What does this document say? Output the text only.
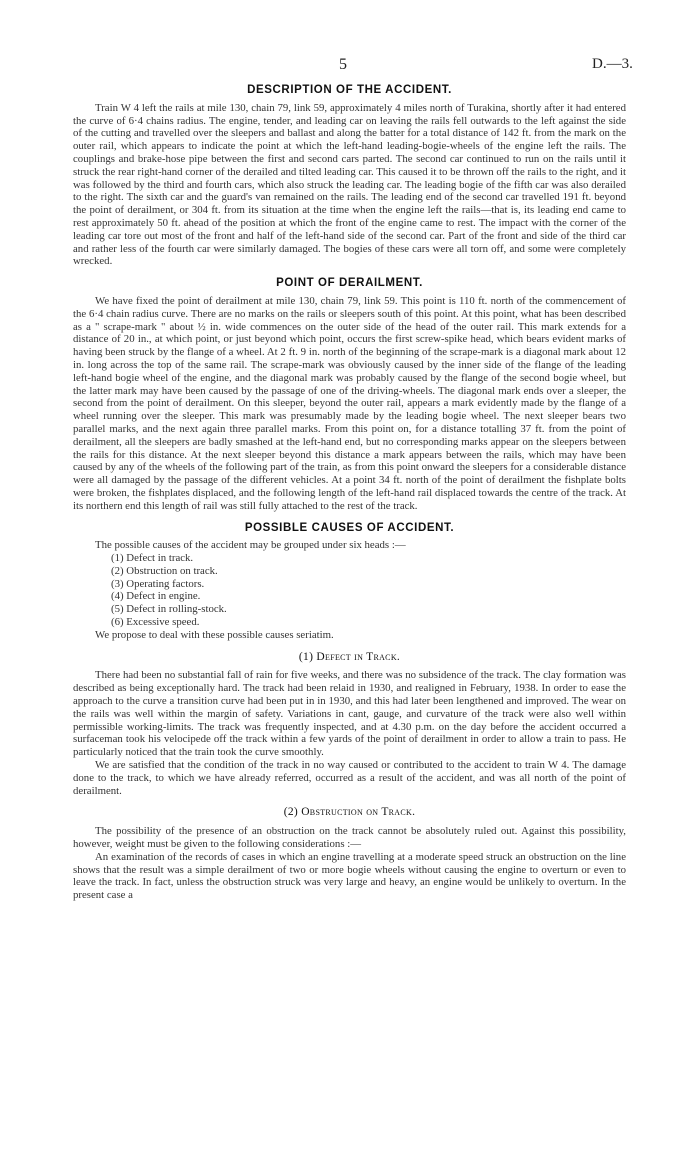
5	D.—3.
DESCRIPTION OF THE ACCIDENT.

Train W 4 left the rails at mile 130, chain 79, link 59, approximately 4 miles north of Turakina, shortly after it had entered the curve of 6·4 chains radius. The engine, tender, and leading car on leaving the rails fell outwards to the left against the side of the cutting and travelled over the sleepers and ballast and along the batter for a total distance of 142 ft. from the mark on the outer rail, which appears to indicate the point at which the left-hand leading-bogie-wheels of the engine left the rails. The couplings and brake-hose pipe between the first and second cars parted. The second car continued to run on the rails until it struck the rear right-hand corner of the derailed and tilted leading car. This caused it to be thrown off the rails to the right, and it was followed by the third and fourth cars, which also struck the leading car. The leading bogie of the fifth car was also derailed to the right. The sixth car and the guard's van remained on the rails. The leading end of the second car travelled 191 ft. beyond the point of derailment, or 304 ft. from its situation at the time when the engine left the rails—that is, its leading end came to rest approximately 50 ft. ahead of the position at which the front of the engine came to rest. The impact with the corner of the leading car tore out most of the front and half of the left-hand side of the second car. Part of the front and side of the third car and rather less of the fourth car were similarly damaged. The bogies of these cars were all torn off, and some were completely wrecked.

POINT OF DERAILMENT.

We have fixed the point of derailment at mile 130, chain 79, link 59. This point is 110 ft. north of the commencement of the 6·4 chain radius curve. There are no marks on the rails or sleepers south of this point. At this point, what has been described as a " scrape-mark " about ½ in. wide commences on the outer side of the head of the outer rail. This mark extends for a distance of 20 in., at which point, or just beyond which point, occurs the first screw-spike head, which bears evident marks of having been struck by the flange of a wheel. At 2 ft. 9 in. north of the beginning of the scrape-mark is a diagonal mark about 12 in. long across the top of the same rail. The scrape-mark was obviously caused by the inner side of the flange of the leading left-hand bogie wheel of the engine, and the diagonal mark was probably caused by the flange of the second bogie wheel, but the latter mark may have been caused by the passage of one of the driving-wheels. The diagonal mark ends over a sleeper, the second from the point of derailment. On this sleeper, beyond the outer rail, appears a mark evidently made by the flange of a wheel running over the sleeper. This mark was presumably made by the leading bogie wheel. The next sleeper bears two parallel marks, and the next again three parallel marks. From this point on, for a distance totalling 37 ft. from the point of derailment, all the sleepers are badly smashed at the left-hand end, but no corresponding marks appear on the sleepers between the rails for this distance. At the next sleeper beyond this distance a mark appears between the rails, which may have been caused by any of the wheels of the following part of the train, as from this point onward the sleepers for a considerable distance were all damaged by the passage of the different vehicles. At a point 34 ft. north of the point of derailment the fishplate bolts were broken, the fishplates displaced, and the following length of the left-hand rail displaced towards the centre of the track. At its northern end this length of rail was still fully attached to the rest of the track.

POSSIBLE CAUSES OF ACCIDENT.

The possible causes of the accident may be grouped under six heads :—

(1) Defect in track.
(2) Obstruction on track.
(3) Operating factors.
(4) Defect in engine.
(5) Defect in rolling-stock.
(6) Excessive speed.

We propose to deal with these possible causes seriatim.

(1) Defect in Track.

There had been no substantial fall of rain for five weeks, and there was no subsidence of the track. The clay formation was described as being exceptionally hard. The track had been relaid in 1930, and realigned in February, 1938. In order to ease the approach to the curve a transition curve had been put in in 1930, and this had later been lengthened and improved. The wear on the rails was well within the margin of safety. Variations in cant, gauge, and curvature of the track were also well within permissible working-limits. The track was frequently inspected, and at 4.30 p.m. on the day before the accident occurred a surfaceman took his velocipede off the track within a few yards of the point of derailment in order to allow a train to pass. He particularly noticed that the train took the curve smoothly.

We are satisfied that the condition of the track in no way caused or contributed to the accident to train W 4. The damage done to the track, to which we have already referred, occurred as a result of the accident, and was all north of the point of derailment.

(2) Obstruction on Track.

The possibility of the presence of an obstruction on the track cannot be absolutely ruled out. Against this possibility, however, weight must be given to the following considerations :—

An examination of the records of cases in which an engine travelling at a moderate speed struck an obstruction on the line shows that the result was a simple derailment of two or more bogie wheels without causing the engine to overturn or even to leave the track. In fact, unless the obstruction struck was very large and heavy, an engine would be unlikely to overturn. In the present case a
